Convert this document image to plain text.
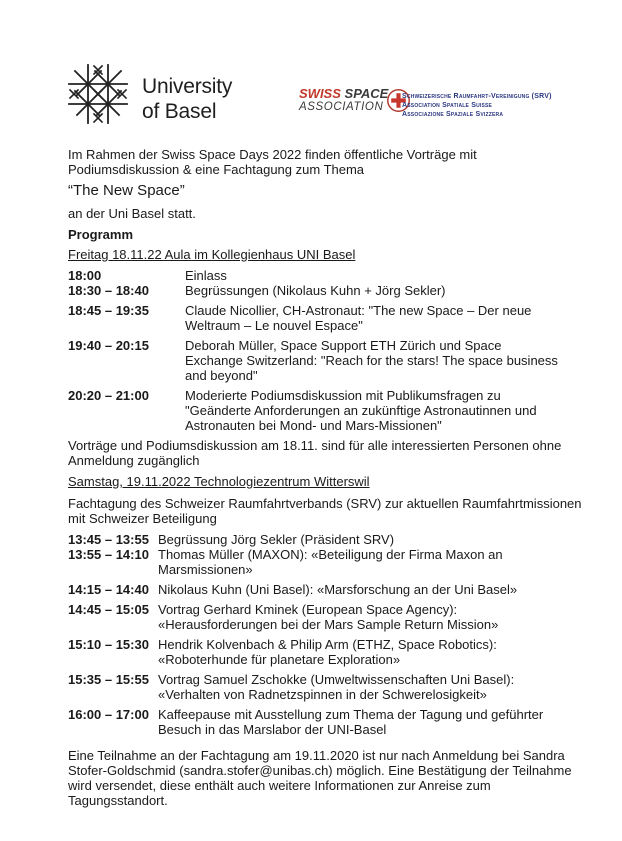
University
of Basel
SWISS SPACE
ASSOCIATION
Schweizerische Raumfahrt-Vereinigung (SRV)
Association Spatiale Suisse
Associazione Spaziale Svizzera

Im Rahmen der Swiss Space Days 2022 finden öffentliche Vorträge mit Podiumsdiskussion & eine Fachtagung zum Thema

“The New Space”

an der Uni Basel statt.

Programm

Freitag 18.11.22 Aula im Kollegienhaus UNI Basel

18:00	Einlass
18:30 – 18:40	Begrüssungen (Nikolaus Kuhn + Jörg Sekler)
18:45 – 19:35	Claude Nicollier, CH-Astronaut: "The new Space – Der neue Weltraum – Le nouvel Espace"
19:40 – 20:15	Deborah Müller, Space Support ETH Zürich und Space Exchange Switzerland: "Reach for the stars! The space business and beyond"
20:20 – 21:00	Moderierte Podiumsdiskussion mit Publikumsfragen zu "Geänderte Anforderungen an zukünftige Astronautinnen und Astronauten bei Mond- und Mars-Missionen"

Vorträge und Podiumsdiskussion am 18.11. sind für alle interessierten Personen ohne Anmeldung zugänglich

Samstag, 19.11.2022 Technologiezentrum Witterswil

Fachtagung des Schweizer Raumfahrtverbands (SRV) zur aktuellen Raumfahrtmissionen mit Schweizer Beteiligung

13:45 – 13:55 Begrüssung Jörg Sekler (Präsident SRV)
13:55 – 14:10 Thomas Müller (MAXON): «Beteiligung der Firma Maxon an Marsmissionen»
14:15 – 14:40 Nikolaus Kuhn (Uni Basel): «Marsforschung an der Uni Basel»
14:45 – 15:05 Vortrag Gerhard Kminek (European Space Agency): «Herausforderungen bei der Mars Sample Return Mission»
15:10 – 15:30 Hendrik Kolvenbach & Philip Arm (ETHZ, Space Robotics): «Roboterhunde für planetare Exploration»
15:35 – 15:55 Vortrag Samuel Zschokke (Umweltwissenschaften Uni Basel): «Verhalten von Radnetzspinnen in der Schwerelosigkeit»
16:00 – 17:00 Kaffeepause mit Ausstellung zum Thema der Tagung und geführter Besuch in das Marslabor der UNI-Basel

Eine Teilnahme an der Fachtagung am 19.11.2020 ist nur nach Anmeldung bei Sandra Stofer-Goldschmid (sandra.stofer@unibas.ch) möglich. Eine Bestätigung der Teilnahme wird versendet, diese enthält auch weitere Informationen zur Anreise zum Tagungsstandort.
